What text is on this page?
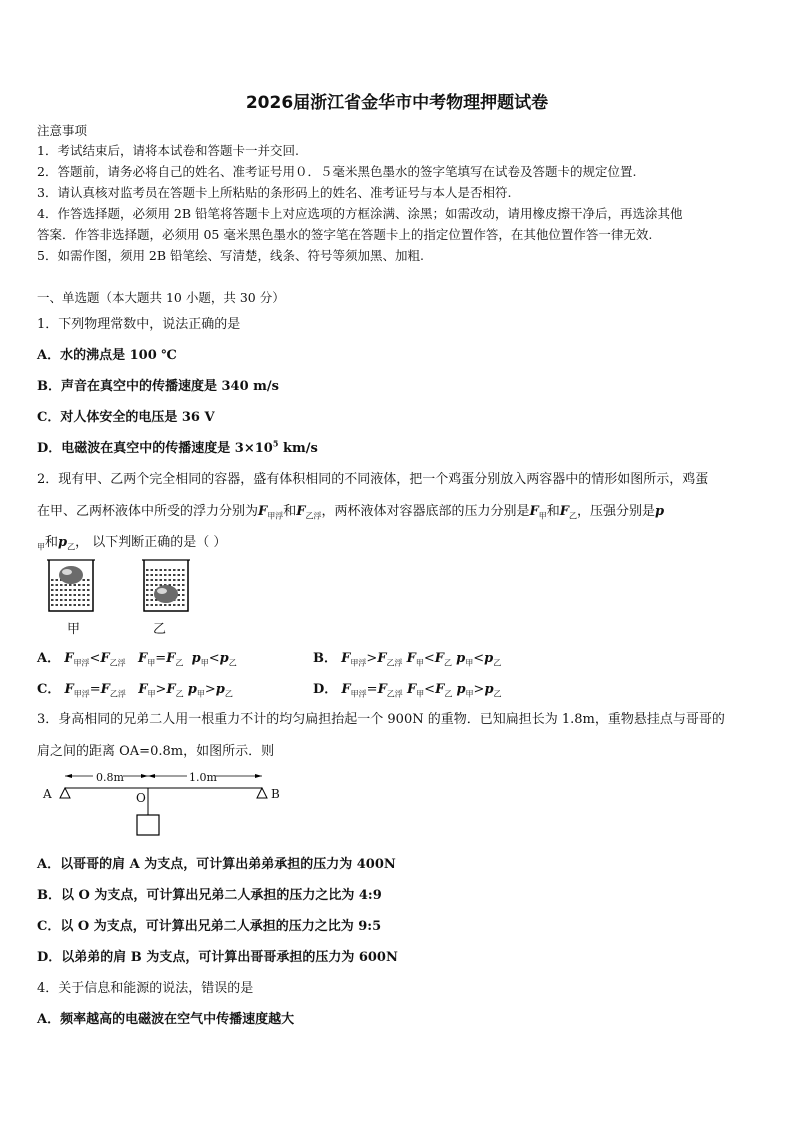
2026届浙江省金华市中考物理押题试卷
注意事项
1．考试结束后，请将本试卷和答题卡一并交回.
2．答题前，请务必将自己的姓名、准考证号用０．５毫米黑色墨水的签字笔填写在试卷及答题卡的规定位置.
3．请认真核对监考员在答题卡上所粘贴的条形码上的姓名、准考证号与本人是否相符.
4．作答选择题，必须用 2B 铅笔将答题卡上对应选项的方框涂满、涂黑；如需改动，请用橡皮擦干净后，再选涂其他
答案．作答非选择题，必须用 05 毫米黑色墨水的签字笔在答题卡上的指定位置作答，在其他位置作答一律无效.
5．如需作图，须用 2B 铅笔绘、写清楚，线条、符号等须加黑、加粗.
一、单选题（本大题共 10 小题，共 30 分）
1．下列物理常数中，说法正确的是
A．水的沸点是 100 ℃
B．声音在真空中的传播速度是 340 m/s
C．对人体安全的电压是 36 V
D．电磁波在真空中的传播速度是 $3\times 10^5$ km/s
2．现有甲、乙两个完全相同的容器，盛有体积相同的不同液体，把一个鸡蛋分别放入两容器中的情形如图所示，鸡蛋
在甲、乙两杯液体中所受的浮力分别为$F_{甲浮}$和$F_{乙浮}$，两杯液体对容器底部的压力分别是$F_甲$和$F_乙$，压强分别是p
$_甲$和$p_乙$， 以下判断正确的是（ ）
甲	乙
A． $F_{甲浮}<F_{乙浮}$ $F_甲=F_乙$ $p_甲<p_乙$	B． $F_{甲浮}>F_{乙浮}$ $F_甲<F_乙$ $p_甲<p_乙$
C． $F_{甲浮}=F_{乙浮}$ $F_甲>F_乙$ $p_甲>p_乙$	D． $F_{甲浮}=F_{乙浮}$ $F_甲<F_乙$ $p_甲>p_乙$
3．身高相同的兄弟二人用一根重力不计的均匀扁担抬起一个 900N 的重物．已知扁担长为 1.8m，重物悬挂点与哥哥的
肩之间的距离 OA=0.8m，如图所示．则
0.8m	1.0m
A	O	B
A．以哥哥的肩 A 为支点，可计算出弟弟承担的压力为 400N
B．以 O 为支点，可计算出兄弟二人承担的压力之比为 4:9
C．以 O 为支点，可计算出兄弟二人承担的压力之比为 9:5
D．以弟弟的肩 B 为支点，可计算出哥哥承担的压力为 600N
4．关于信息和能源的说法，错误的是
A．频率越高的电磁波在空气中传播速度越大
